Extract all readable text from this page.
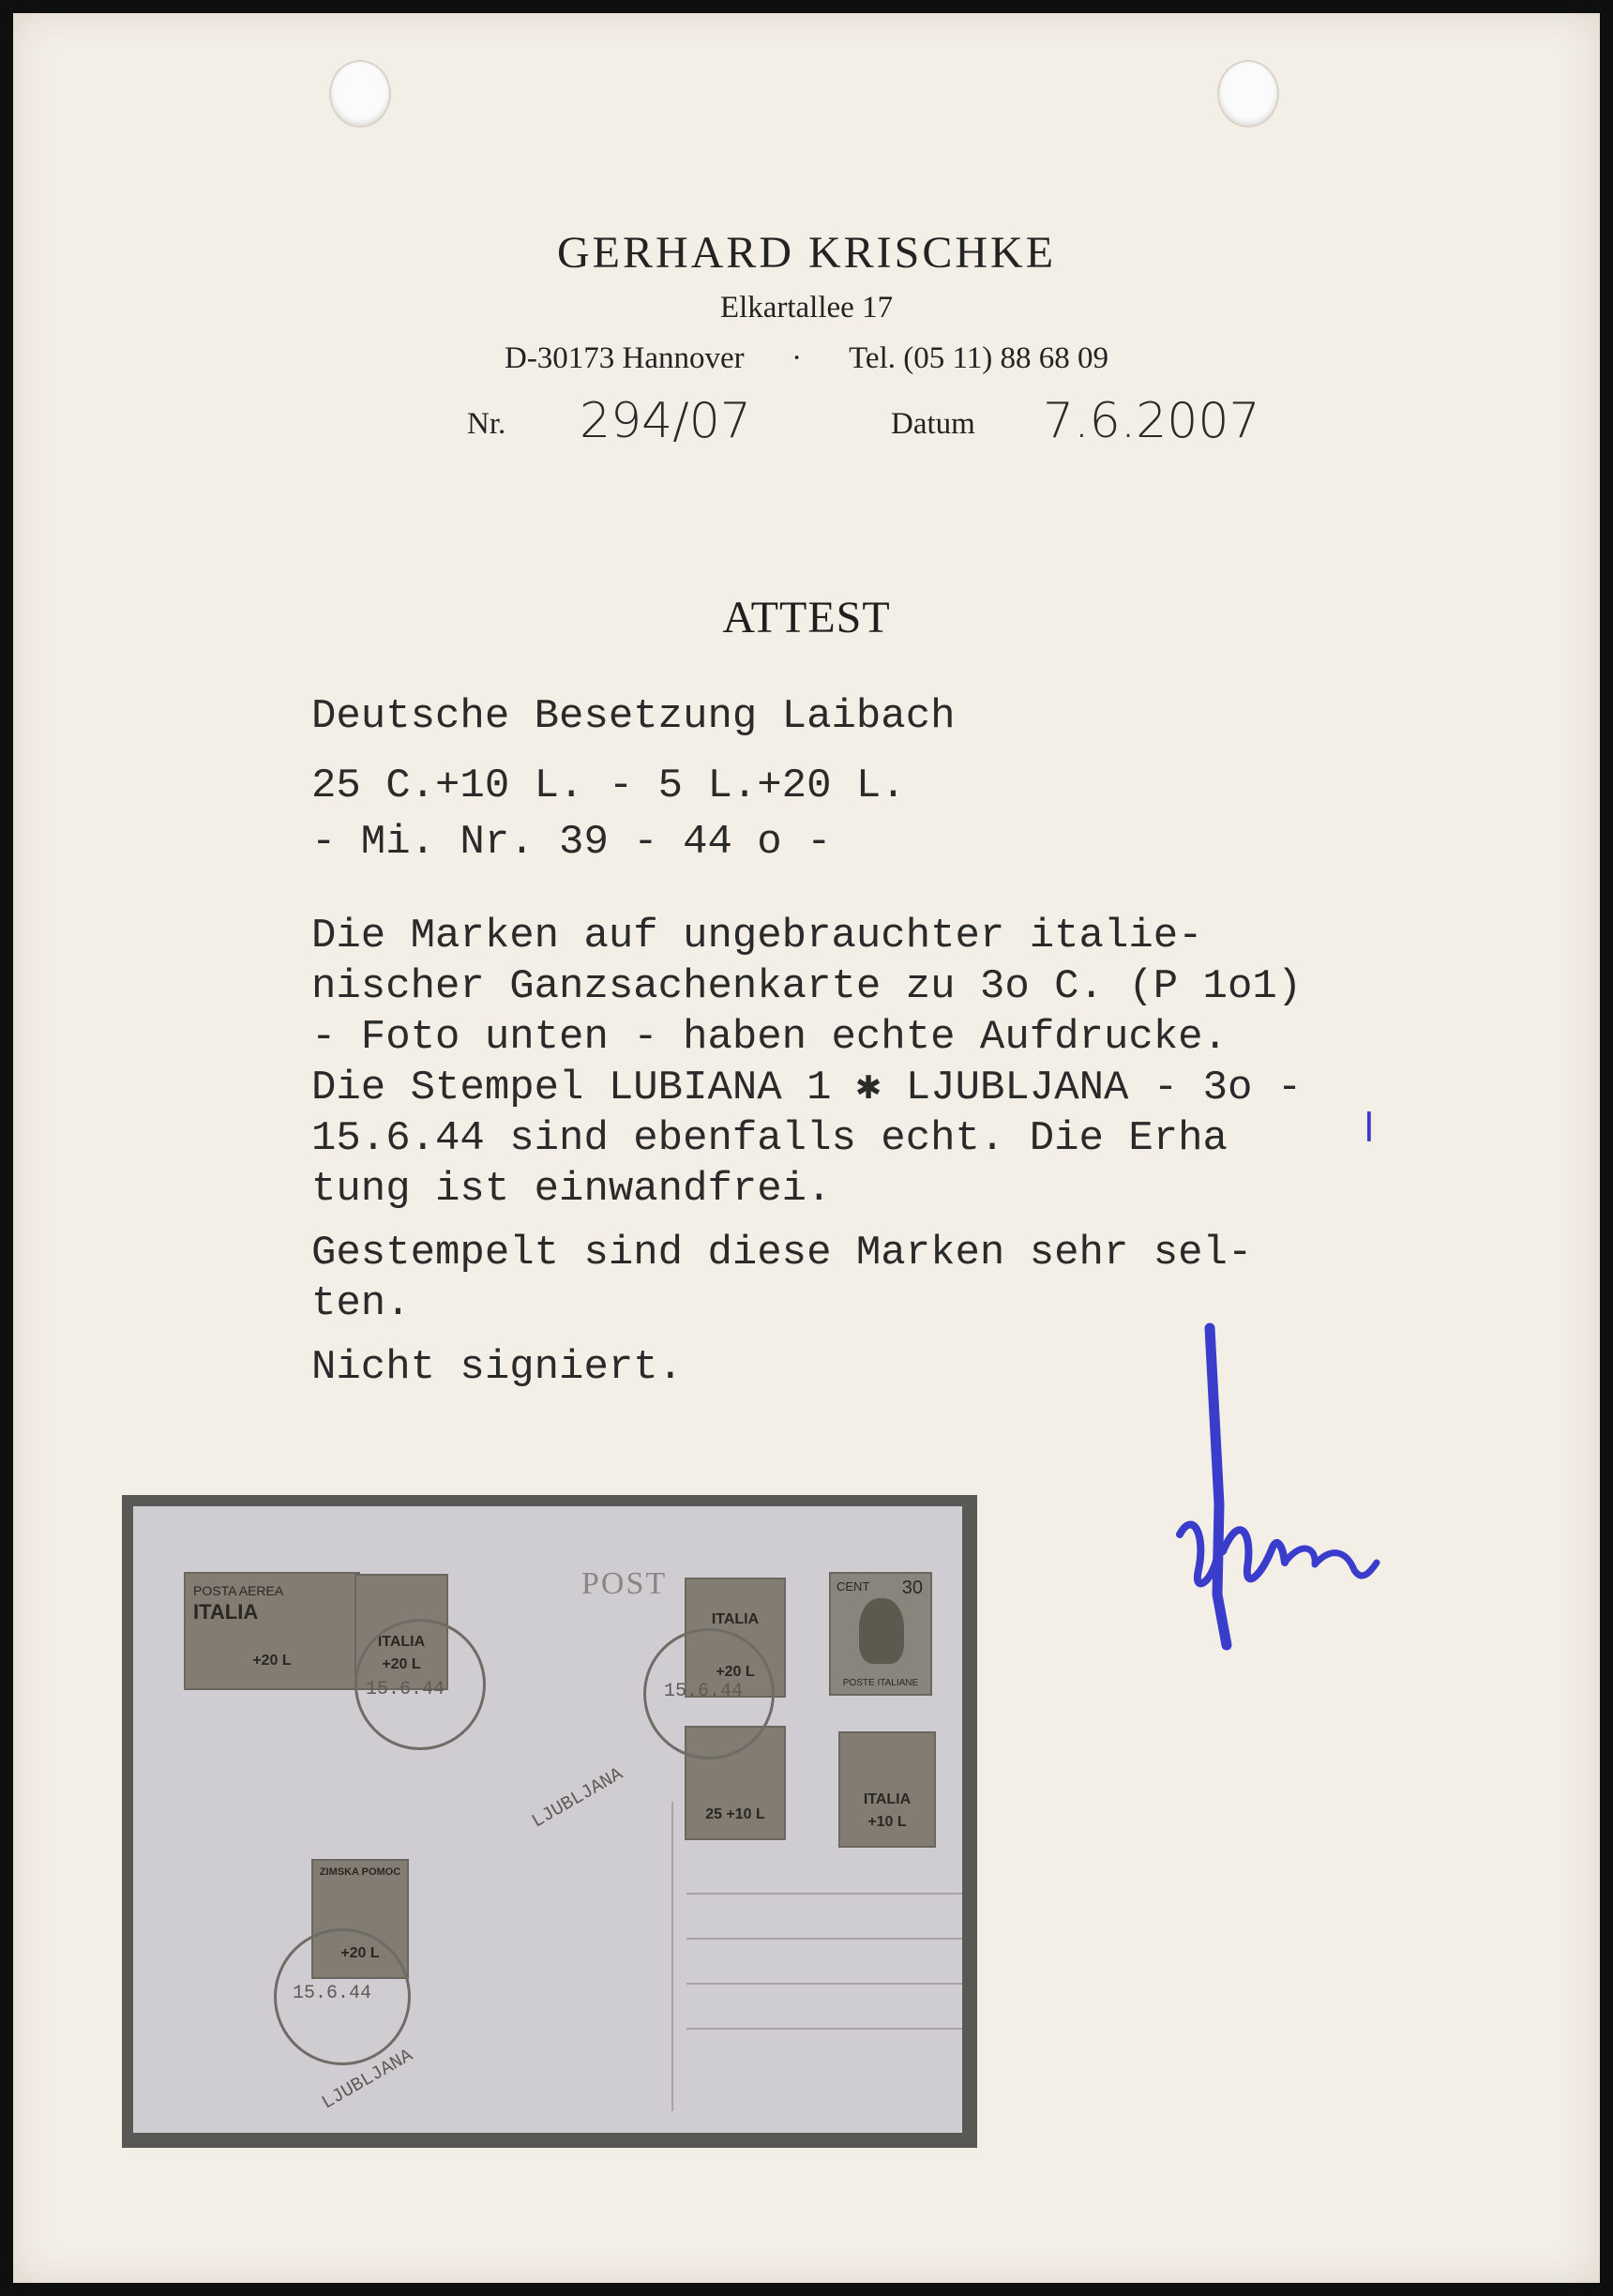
GERHARD KRISCHKE
Elkartallee 17
D-30173 Hannover · Tel. (05 11) 88 68 09
Nr. 294/07	Datum 7.6.2007
ATTEST
Deutsche Besetzung Laibach
25 C.+10 L. - 5 L.+20 L.
- Mi. Nr. 39 - 44 o -
Die Marken auf ungebrauchter italie-
nischer Ganzsachenkarte zu 3o C. (P 1o1)
- Foto unten - haben echte Aufdrucke.
Die Stempel LUBIANA 1 ✱ LJUBLJANA - 3o -
15.6.44 sind ebenfalls echt. Die Erha	l
tung ist einwandfrei.
Gestempelt sind diese Marken sehr sel-
ten.
Nicht signiert.

POST
POSTA AEREA
ITALIA
+20 L
ITALIA
+20 L
ITALIA
+20 L
CENT 30
POSTE ITALIANE
25 +10 L
ITALIA
+10 L
ZIMSKA POMOC
+20 L
15.6.44	15.6.44
LJUBLJANA
15.6.44
LJUBLJANA
